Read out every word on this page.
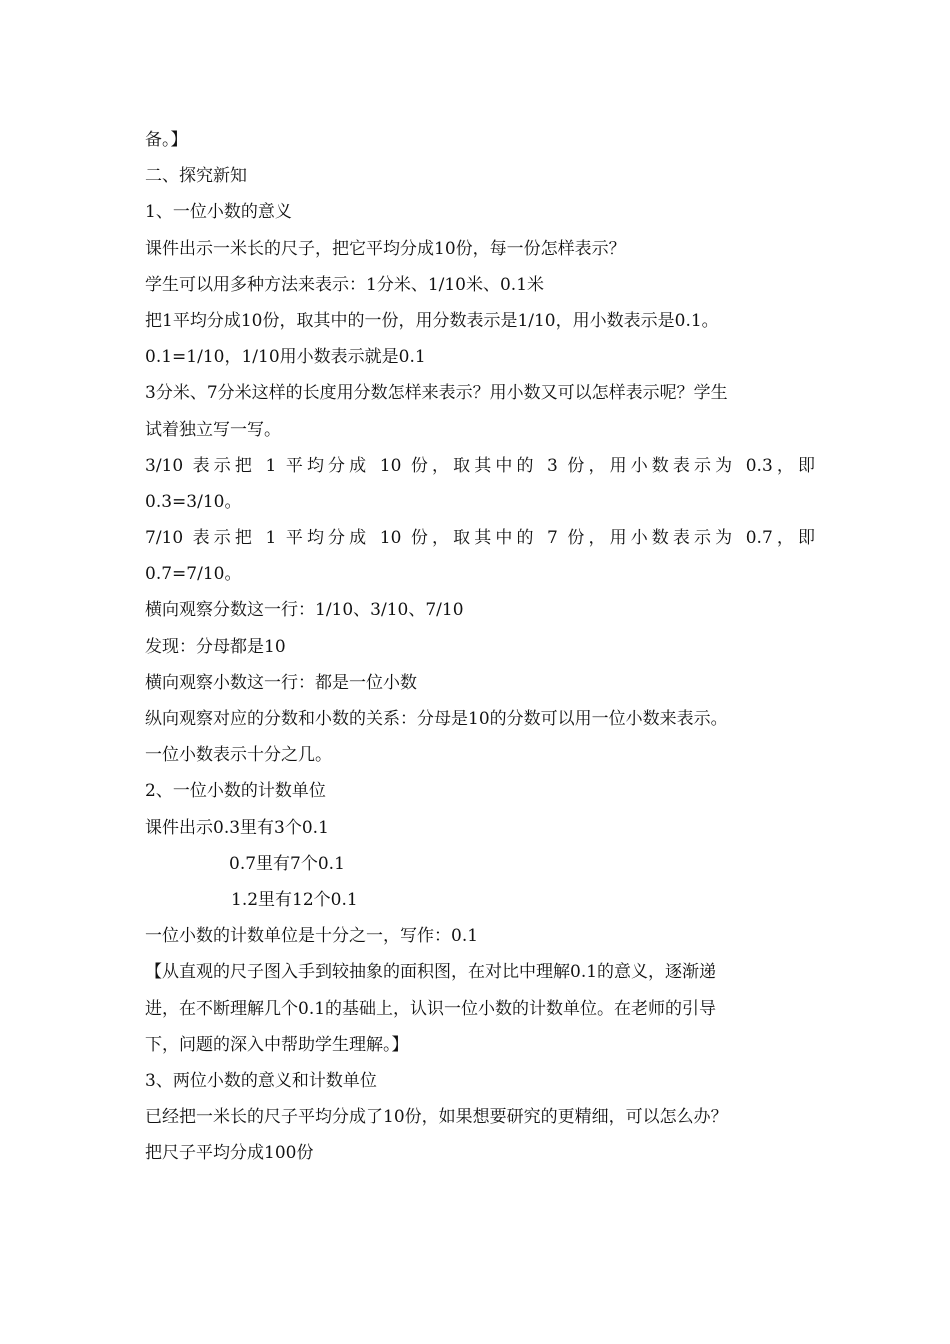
备。】
二、探究新知
1、一位小数的意义
课件出示一米长的尺子，把它平均分成10份，每一份怎样表示？
学生可以用多种方法来表示：1分米、1/10米、0.1米
把1平均分成10份，取其中的一份，用分数表示是1/10，用小数表示是0.1。
0.1=1/10，1/10用小数表示就是0.1
3分米、7分米这样的长度用分数怎样来表示？用小数又可以怎样表示呢？学生
试着独立写一写。
3/10 表示把 1 平均分成 10 份，取其中的 3 份，用小数表示为 0.3，即
0.3=3/10。
7/10 表示把 1 平均分成 10 份，取其中的 7 份，用小数表示为 0.7，即
0.7=7/10。
横向观察分数这一行：1/10、3/10、7/10
发现：分母都是10
横向观察小数这一行：都是一位小数
纵向观察对应的分数和小数的关系：分母是10的分数可以用一位小数来表示。
一位小数表示十分之几。
2、一位小数的计数单位
课件出示0.3里有3个0.1
0.7里有7个0.1
1.2里有12个0.1
一位小数的计数单位是十分之一，写作：0.1
【从直观的尺子图入手到较抽象的面积图，在对比中理解0.1的意义，逐渐递
进，在不断理解几个0.1的基础上，认识一位小数的计数单位。在老师的引导
下，问题的深入中帮助学生理解。】
3、两位小数的意义和计数单位
已经把一米长的尺子平均分成了10份，如果想要研究的更精细，可以怎么办？
把尺子平均分成100份
